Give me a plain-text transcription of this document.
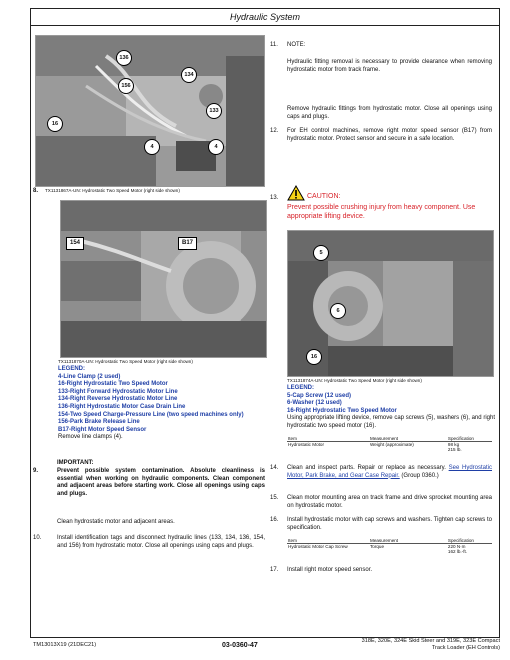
Hydraulic System
136
156
134
133
16
4	4
TX1131867A-UN: Hydrostatic Two Speed Motor (right side shown)
8.
154	B17
TX1131870A-UN: Hydrostatic Two Speed Motor (right side shown)
LEGEND:
4-Line Clamp (2 used)
16-Right Hydrostatic Two Speed Motor
133-Right Forward Hydrostatic Motor Line
134-Right Reverse Hydrostatic Motor Line
136-Right Hydrostatic Motor Case Drain Line
154-Two Speed Charge-Pressure Line (two speed machines only)
156-Park Brake Release Line
B17-Right Motor Speed Sensor
Remove line clamps (4).
IMPORTANT:
9.	Prevent possible system contamination. Absolute cleanliness is essential when working on hydraulic components. Clean component and adjacent areas before starting work. Close all openings using caps and plugs.
Clean hydrostatic motor and adjacent areas.
10.	Install identification tags and disconnect hydraulic lines (133, 134, 136, 154, and 156) from hydrostatic motor. Close all openings using caps and plugs.
11. NOTE:
Hydraulic fitting removal is necessary to provide clearance when removing hydrostatic motor from track frame.
Remove hydraulic fittings from hydrostatic motor. Close all openings using caps and plugs.
12. For EH control machines, remove right motor speed sensor (B17) from hydrostatic motor. Protect sensor and secure in a safe location.
13.	CAUTION:
Prevent possible crushing injury from heavy component. Use appropriate lifting device.
5
6
16
TX1131874A-UN: Hydrostatic Two Speed Motor (right side shown)
LEGEND:
5-Cap Screw (12 used)
6-Washer (12 used)
16-Right Hydrostatic Two Speed Motor
Using appropriate lifting device, remove cap screws (5), washers (6), and right hydrostatic two speed motor (16).
Item	Measurement	Specification
Hydrostatic Motor	Weight (approximate)	98 kg
215 lb.
14. Clean and inspect parts. Repair or replace as necessary. See Hydrostatic Motor, Park Brake, and Gear Case Repair. (Group 0360.)
15. Clean motor mounting area on track frame and drive sprocket mounting area on hydrostatic motor.
16. Install hydrostatic motor with cap screws and washers. Tighten cap screws to specification.
Item	Measurement	Specification
Hydrostatic Motor Cap Screw	Torque	220 N·m
162 lb.-ft.
17. Install right motor speed sensor.
TM13013X19 (21DEC21)	03-0360-47
318E, 320E, 324E Skid Steer and 319E, 323E Compact
Track Loader (EH Controls)
